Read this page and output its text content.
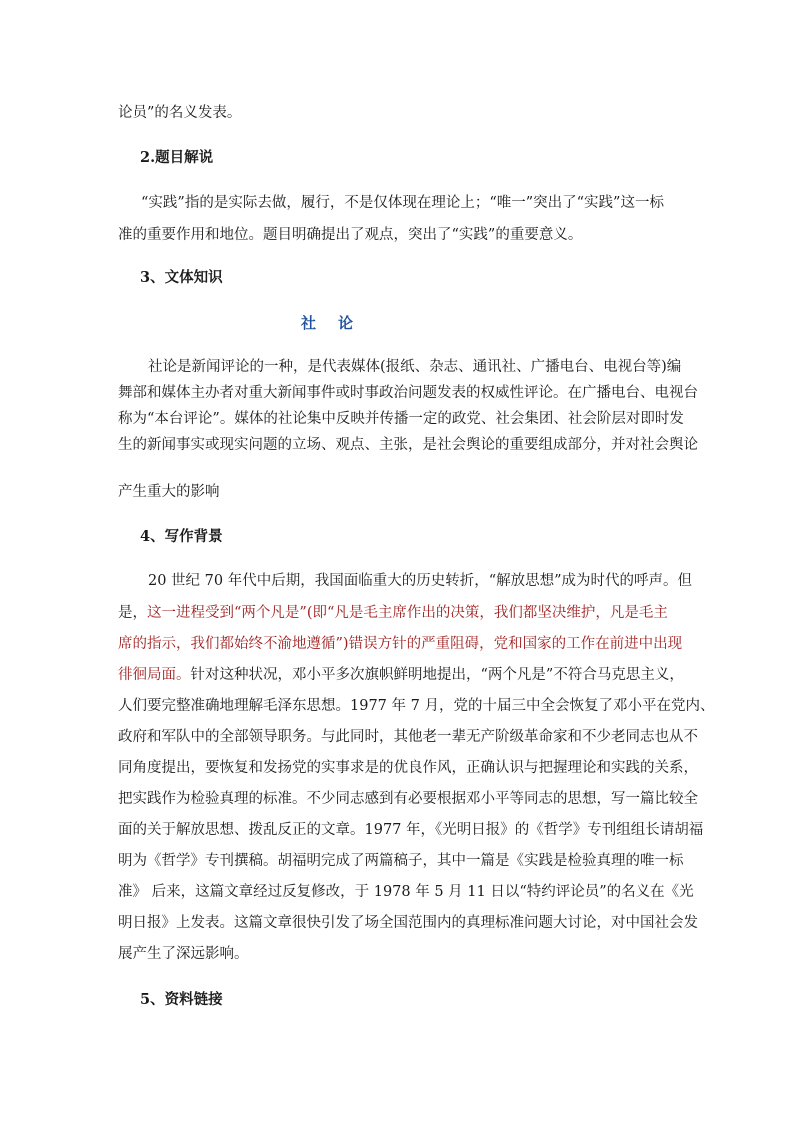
论员”的名义发表。
2.题目解说
“实践”指的是实际去做，履行，不是仅体现在理论上；“唯一”突出了“实践”这一标
准的重要作用和地位。题目明确提出了观点，突出了“实践”的重要意义。
3、文体知识
社 论
社论是新闻评论的一种，是代表媒体(报纸、杂志、通讯社、广播电台、电视台等)编
舞部和媒体主办者对重大新闻事件或时事政治问题发表的权威性评论。在广播电台、电视台
称为“本台评论”。媒体的社论集中反映并传播一定的政党、社会集团、社会阶层对即时发
生的新闻事实或现实问题的立场、观点、主张，是社会舆论的重要组成部分，并对社会舆论
产生重大的影响
4、写作背景
20 世纪 70 年代中后期，我国面临重大的历史转折，“解放思想”成为时代的呼声。但
是，这一进程受到“两个凡是”(即“凡是毛主席作出的决策，我们都坚决维护，凡是毛主
席的指示，我们都始终不渝地遵循”)错误方针的严重阻碍，党和国家的工作在前进中出现
徘徊局面。针对这种状况，邓小平多次旗帜鲜明地提出，“两个凡是”不符合马克思主义，
人们要完整准确地理解毛泽东思想。1977 年 7 月，党的十届三中全会恢复了邓小平在党内、
政府和军队中的全部领导职务。与此同时，其他老一辈无产阶级革命家和不少老同志也从不
同角度提出，要恢复和发扬党的实事求是的优良作风，正确认识与把握理论和实践的关系，
把实践作为检验真理的标准。不少同志感到有必要根据邓小平等同志的思想，写一篇比较全
面的关于解放思想、拨乱反正的文章。1977 年，《光明日报》的《哲学》专刊组组长请胡福
明为《哲学》专刊撰稿。胡福明完成了两篇稿子，其中一篇是《实践是检验真理的唯一标
准》 后来，这篇文章经过反复修改，于 1978 年 5 月 11 日以“特约评论员”的名义在《光
明日报》上发表。这篇文章很快引发了场全国范围内的真理标准问题大讨论，对中国社会发
展产生了深远影响。
5、资料链接
